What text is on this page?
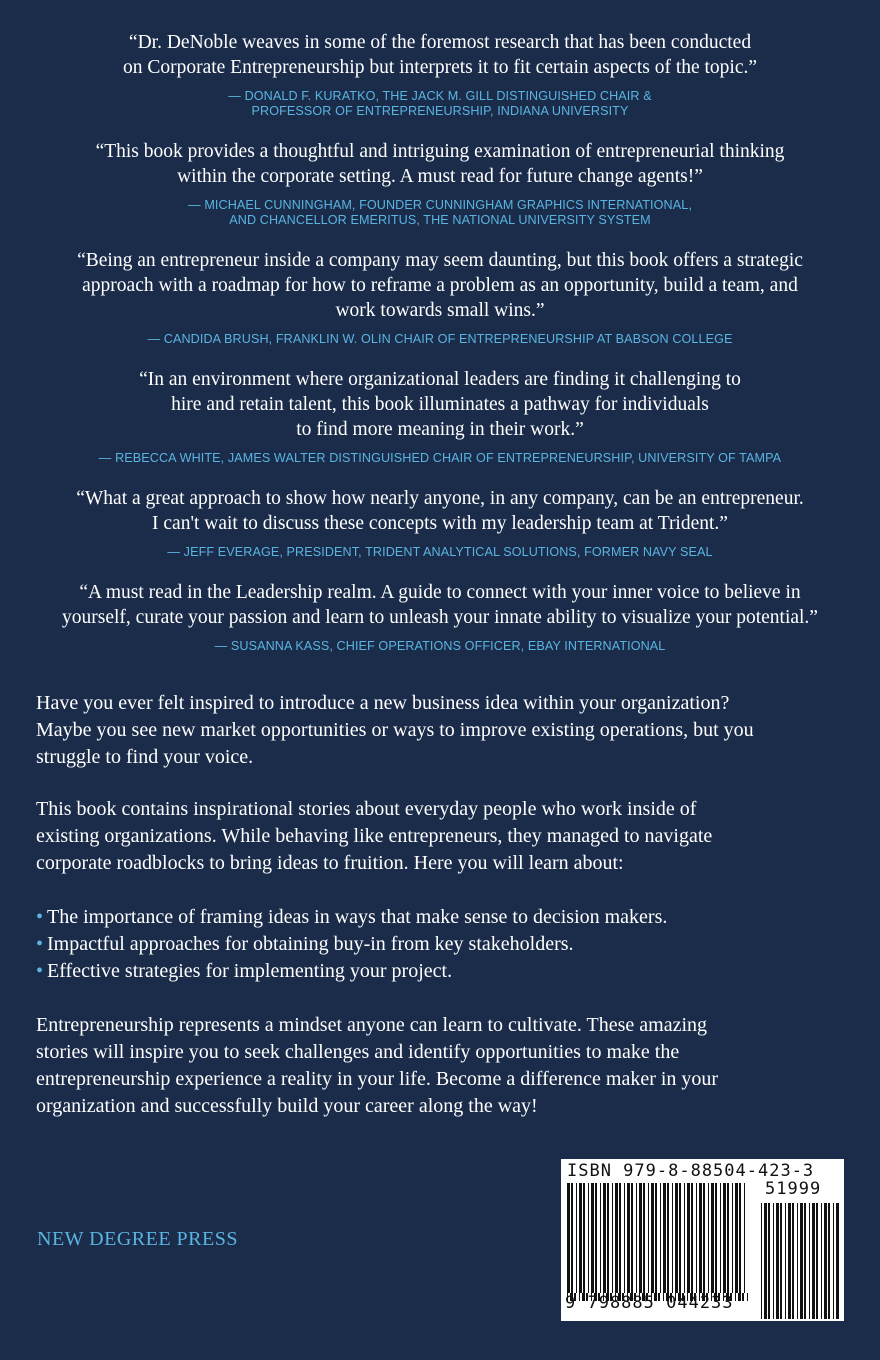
“Dr. DeNoble weaves in some of the foremost research that has been conducted
on Corporate Entrepreneurship but interprets it to fit certain aspects of the topic.”
— DONALD F. KURATKO, THE JACK M. GILL DISTINGUISHED CHAIR &
PROFESSOR OF ENTREPRENEURSHIP, INDIANA UNIVERSITY
“This book provides a thoughtful and intriguing examination of entrepreneurial thinking
within the corporate setting. A must read for future change agents!”
— MICHAEL CUNNINGHAM, FOUNDER CUNNINGHAM GRAPHICS INTERNATIONAL,
AND CHANCELLOR EMERITUS, THE NATIONAL UNIVERSITY SYSTEM
“Being an entrepreneur inside a company may seem daunting, but this book offers a strategic
approach with a roadmap for how to reframe a problem as an opportunity, build a team, and
work towards small wins.”
— CANDIDA BRUSH, FRANKLIN W. OLIN CHAIR OF ENTREPRENEURSHIP AT BABSON COLLEGE
“In an environment where organizational leaders are finding it challenging to
hire and retain talent, this book illuminates a pathway for individuals
to find more meaning in their work.”
— REBECCA WHITE, JAMES WALTER DISTINGUISHED CHAIR OF ENTREPRENEURSHIP, UNIVERSITY OF TAMPA
“What a great approach to show how nearly anyone, in any company, can be an entrepreneur.
I can't wait to discuss these concepts with my leadership team at Trident.”
— JEFF EVERAGE, PRESIDENT, TRIDENT ANALYTICAL SOLUTIONS, FORMER NAVY SEAL
“A must read in the Leadership realm. A guide to connect with your inner voice to believe in
yourself, curate your passion and learn to unleash your innate ability to visualize your potential.”
— SUSANNA KASS, CHIEF OPERATIONS OFFICER, EBAY INTERNATIONAL
Have you ever felt inspired to introduce a new business idea within your organization?
Maybe you see new market opportunities or ways to improve existing operations, but you
struggle to find your voice.
This book contains inspirational stories about everyday people who work inside of
existing organizations. While behaving like entrepreneurs, they managed to navigate
corporate roadblocks to bring ideas to fruition. Here you will learn about:
• The importance of framing ideas in ways that make sense to decision makers.
• Impactful approaches for obtaining buy-in from key stakeholders.
• Effective strategies for implementing your project.
Entrepreneurship represents a mindset anyone can learn to cultivate. These amazing
stories will inspire you to seek challenges and identify opportunities to make the
entrepreneurship experience a reality in your life. Become a difference maker in your
organization and successfully build your career along the way!
NEW DEGREE PRESS
ISBN 979-8-88504-423-3
51999
9 798885 044233
